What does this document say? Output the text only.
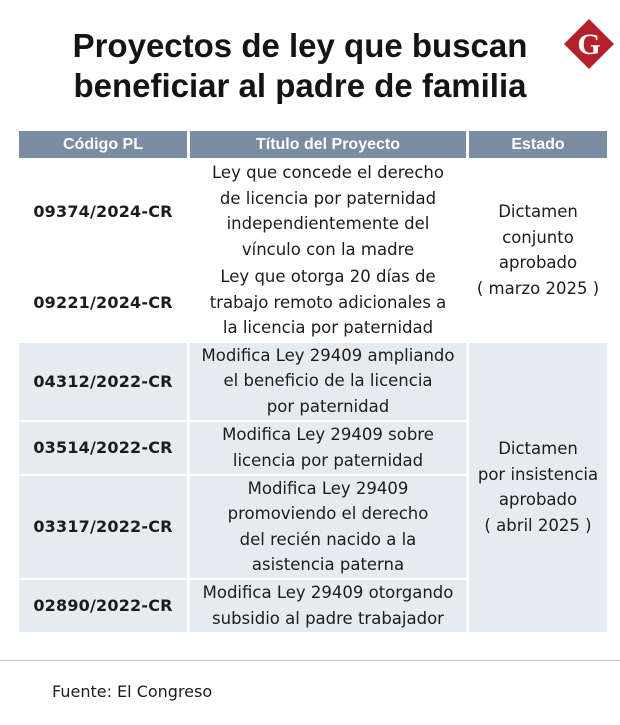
Proyectos de ley que buscan
beneficiar al padre de familia
G
Código PL	Título del Proyecto	Estado
09374/2024-CR	Ley que concede el derecho
de licencia por paternidad
independientemente del
vínculo con la madre	Dictamen
conjunto
aprobado
( marzo 2025 )

09221/2024-CR	Ley que otorga 20 días de
trabajo remoto adicionales a
la licencia por paternidad	

04312/2022-CR	Modifica Ley 29409 ampliando
el beneficio de la licencia
por paternidad	Dictamen
por insistencia
aprobado
( abril 2025 )

03514/2022-CR	Modifica Ley 29409 sobre
licencia por paternidad	

03317/2022-CR	Modifica Ley 29409
promoviendo el derecho
del recién nacido a la
asistencia paterna	

02890/2022-CR	Modifica Ley 29409 otorgando
subsidio al padre trabajador	
Fuente: El Congreso
